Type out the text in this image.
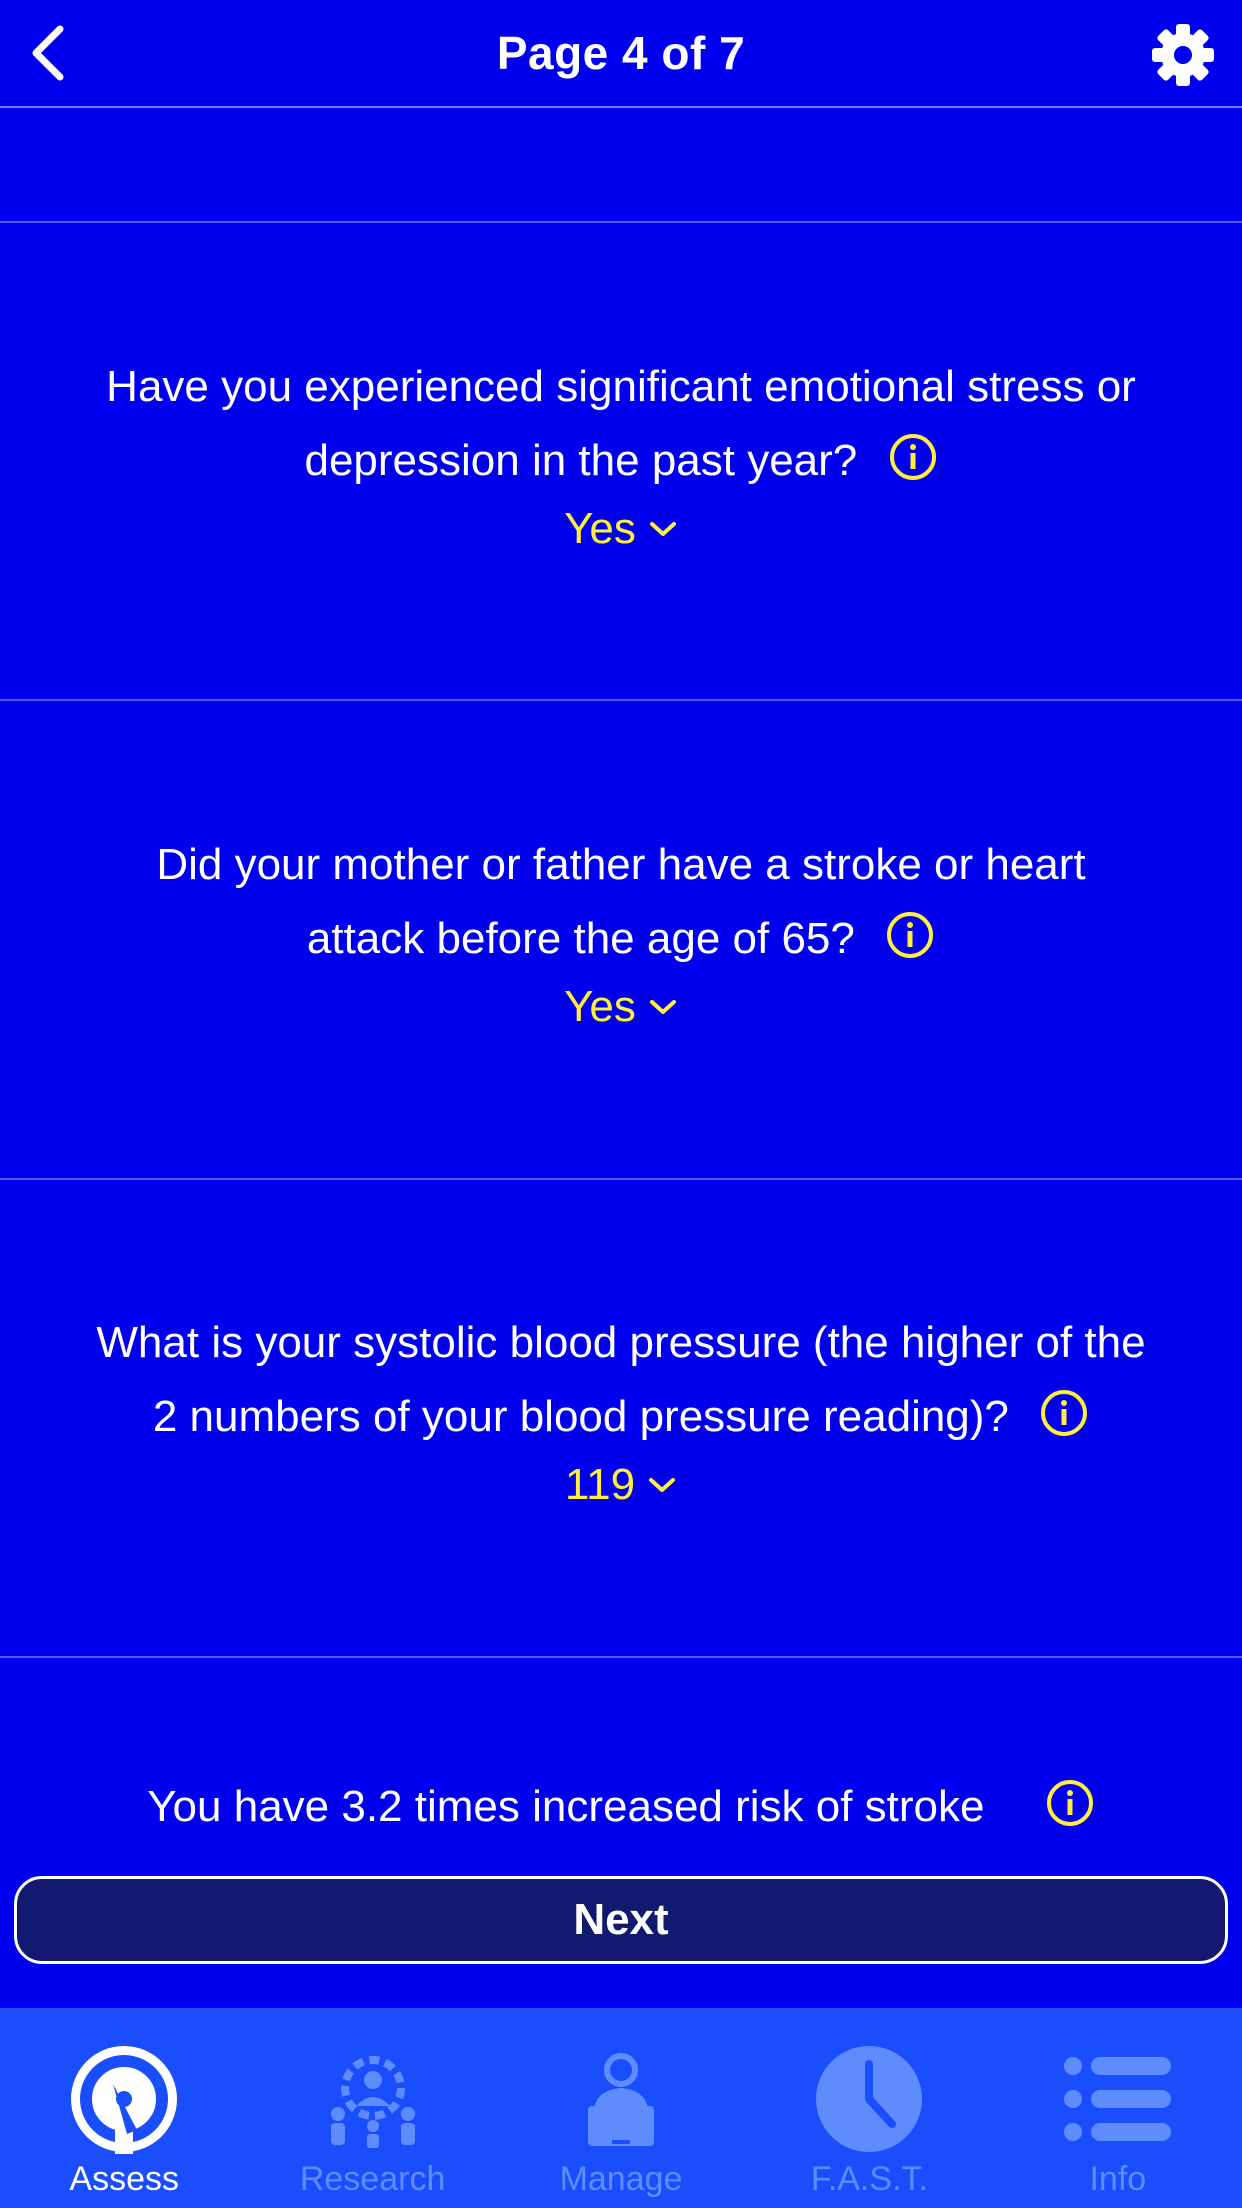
Page 4 of 7
Have you experienced significant emotional stress or
depression in the past year?
Yes
Did your mother or father have a stroke or heart
attack before the age of 65?
Yes
What is your systolic blood pressure (the higher of the
2 numbers of your blood pressure reading)?
119
You have 3.2 times increased risk of stroke
Next
Assess	Research	Manage	F.A.S.T.	Info
